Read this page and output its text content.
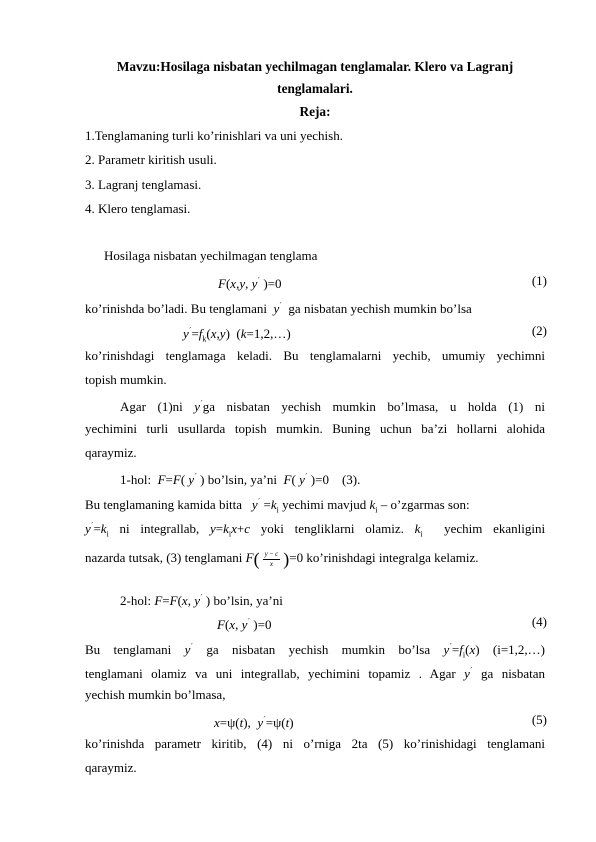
Mavzu:Hosilaga nisbatan yechilmagan tenglamalar. Klero va Lagranj
tenglamalari.
Reja:
1.Tenglamaning turli ko’rinishlari va uni yechish.
2. Parametr kiritish usuli.
3. Lagranj tenglamasi.
4. Klero tenglamasi.
Hosilaga nisbatan yechilmagan tenglama
F(x,y, y´ )=0	(1)
ko’rinishda bo’ladi. Bu tenglamani y´ ga nisbatan yechish mumkin bo’lsa
$y^´=f_k(x,y)$  (k=1,2,…)	(2)
ko’rinishdagi tenglamaga keladi. Bu tenglamalarni yechib, umumiy yechimni
topish mumkin.
Agar (1)ni y´ga nisbatan yechish mumkin bo’lmasa, u holda (1) ni
yechimini turli usullarda topish mumkin. Buning uchun ba’zi hollarni alohida
qaraymiz.
1-hol: F=F( y´ ) bo’lsin, ya’ni F( y´ )=0    (3).
Bu tenglamaning kamida bitta $y^´ =k_i$ yechimi mavjud $k_i$ – o’zgarmas son:
$y^´=k_i$ ni integrallab, $y=k_ix+c$ yoki tengliklarni olamiz. $k_i$ yechim ekanligini
nazarda tutsak, (3) tenglamani $F( \frac{y - c}{x} )=0$ ko’rinishdagi integralga kelamiz.
2-hol: F=F(x, y´ ) bo’lsin, ya’ni
F(x, y´ )=0	(4)
Bu tenglamani y´ ga nisbatan yechish mumkin bo’lsa $y^´=f_i(x)$ (i=1,2,…)
tenglamani olamiz va uni integrallab, yechimini topamiz . Agar y´ ga nisbatan
yechish mumkin bo’lmasa,
x=ψ(t),  y´=ψ(t)	(5)
ko’rinishda parametr kiritib, (4) ni o’rniga 2ta (5) ko’rinishidagi tenglamani
qaraymiz.
